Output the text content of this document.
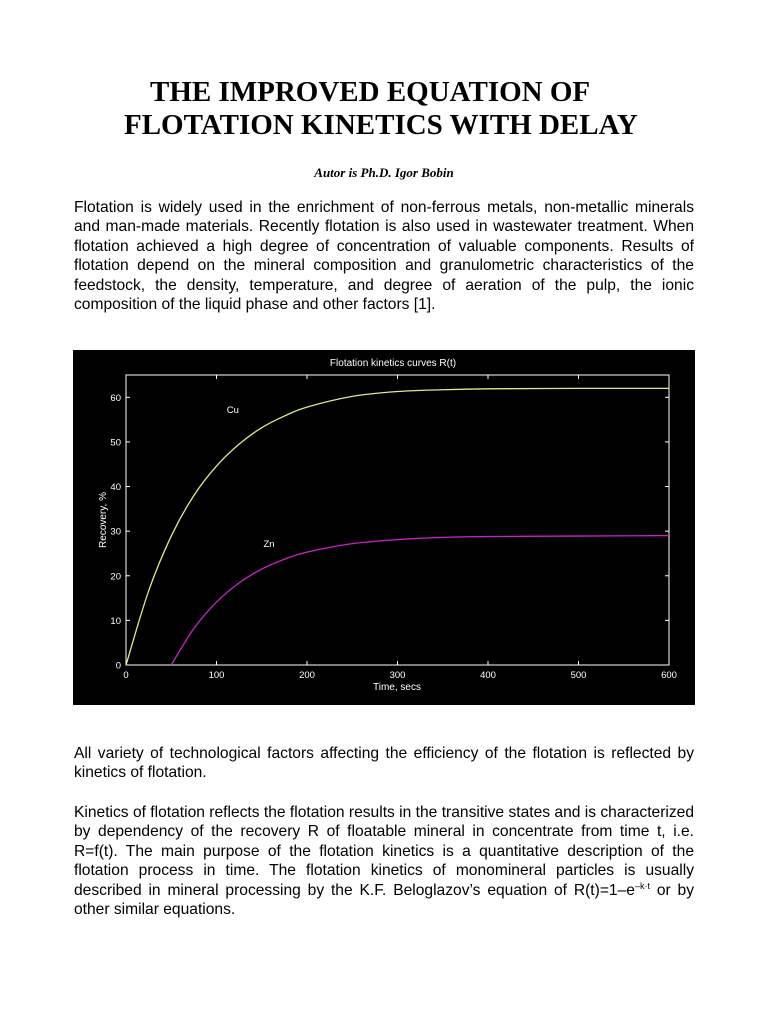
THE IMPROVED EQUATION OF
FLOTATION KINETICS WITH DELAY
Autor is Ph.D. Igor Bobin

Flotation is widely used in the enrichment of non-ferrous metals, non-metallic minerals and man-made materials. Recently flotation is also used in wastewater treatment. When flotation achieved a high degree of concentration of valuable components. Results of flotation depend on the mineral composition and granulometric characteristics of the feedstock, the density, temperature, and degree of aeration of the pulp, the ionic composition of the liquid phase and other factors [1].

Flotation kinetics curves R(t)
0	100	200	300	400	500	600
0
10
20
30
40
50
60
Cu
Zn
Time, secs
Recovery, %

All variety of technological factors affecting the efficiency of the flotation is reflected by kinetics of flotation.

Kinetics of flotation reflects the flotation results in the transitive states and is characterized by dependency of the recovery R of floatable mineral in concentrate from time t, i.e. R=f(t). The main purpose of the flotation kinetics is a quantitative description of the flotation process in time. The flotation kinetics of monomineral particles is usually described in mineral processing by the K.F. Beloglazov’s equation of $R(t)=1-e^{-k\cdot t}$ or by other similar equations.
